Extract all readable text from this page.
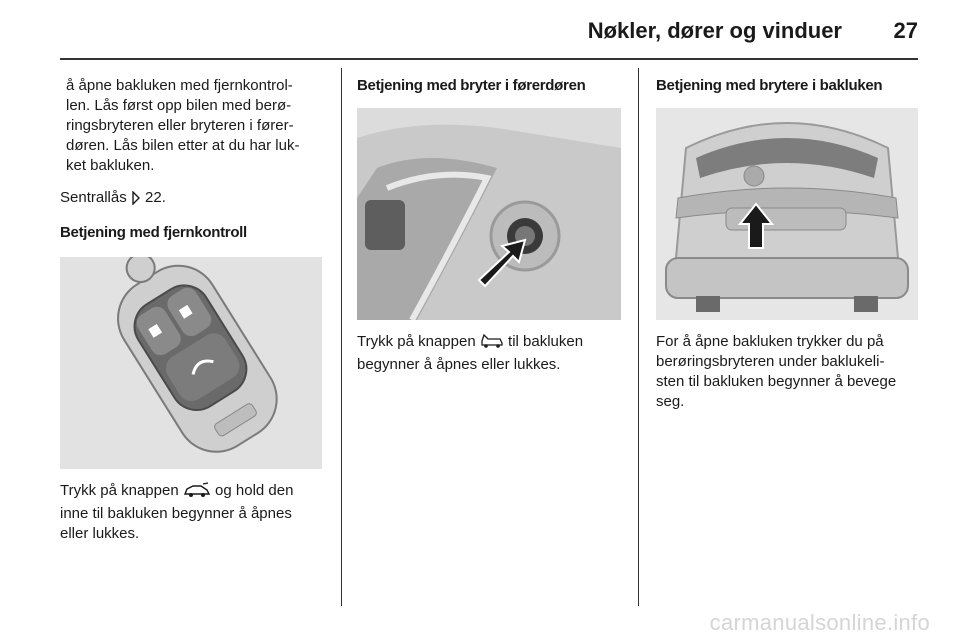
Nøkler, dører og vinduer 27

å åpne bakluken med fjernkontrol-

len. Lås først opp bilen med berø-

ringsbryteren eller bryteren i fører-

døren. Lås bilen etter at du har luk-

ket bakluken.

Sentrallås 22.

Betjening med fjernkontroll

Trykk på knappen og hold den

inne til bakluken begynner å åpnes

eller lukkes.

Betjening med bryter i førerdøren

Trykk på knappen til bakluken

begynner å åpnes eller lukkes.

Betjening med brytere i bakluken

For å åpne bakluken trykker du på

berøringsbryteren under baklukeli-

sten til bakluken begynner å bevege

seg.

carmanualsonline.info
